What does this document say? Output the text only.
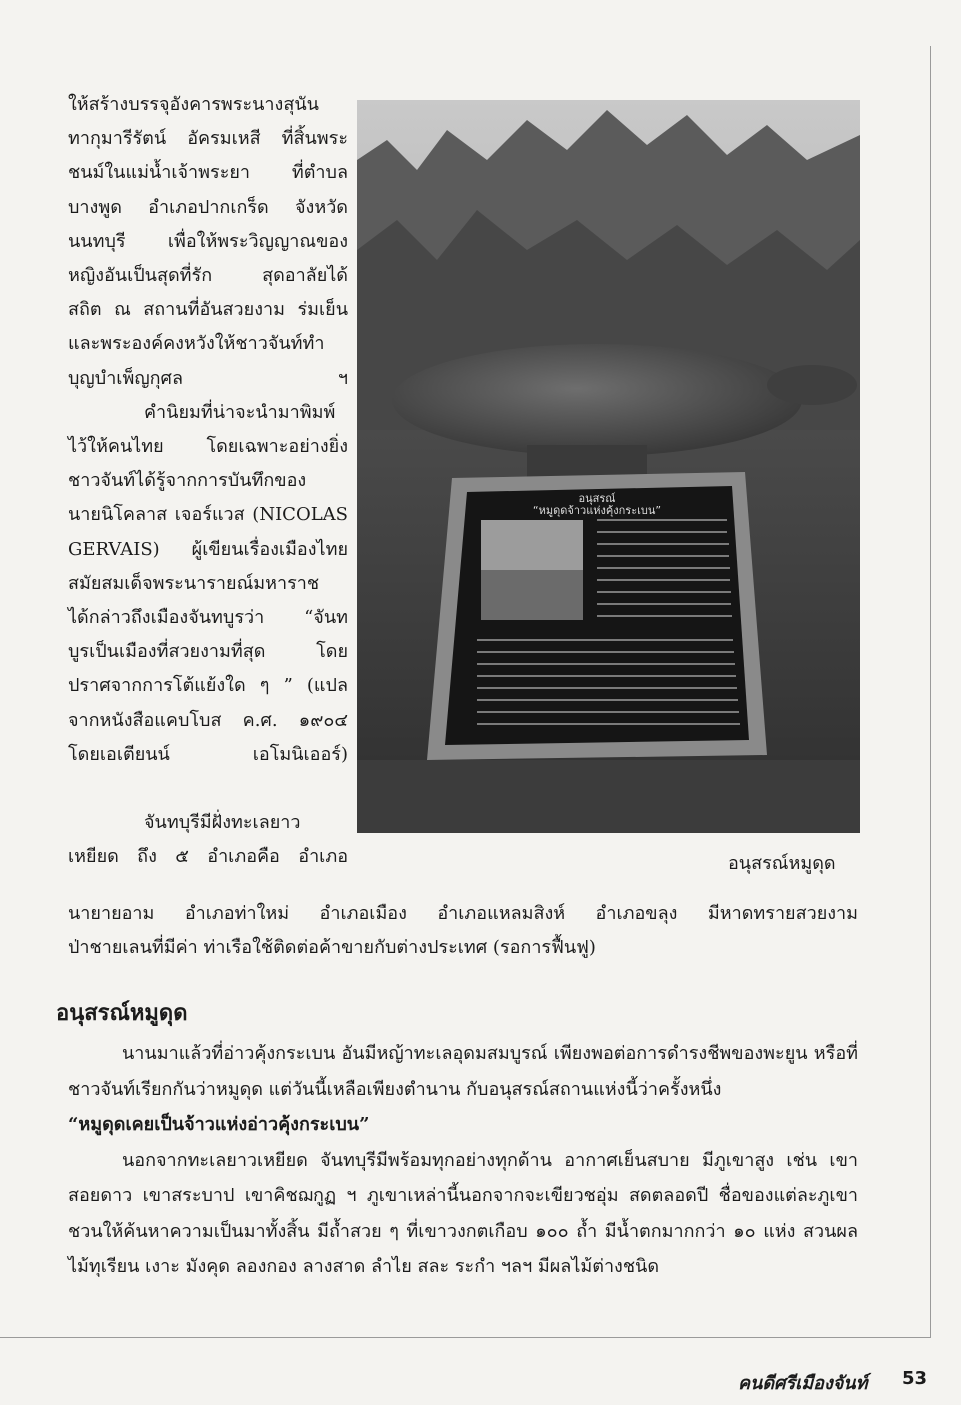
ให้สร้างบรรจุอังคารพระนางสุนัน
ทากุมารีรัตน์ อัครมเหสี ที่สิ้นพระ
ชนม์ในแม่น้ำเจ้าพระยา ที่ตำบล
บางพูด อำเภอปากเกร็ด จังหวัด
นนทบุรี เพื่อให้พระวิญญาณของ
หญิงอันเป็นสุดที่รัก สุดอาลัยได้
สถิต ณ สถานที่อันสวยงาม ร่มเย็น
และพระองค์คงหวังให้ชาวจันท์ทำ
บุญบำเพ็ญกุศล ฯ

คำนิยมที่น่าจะนำมาพิมพ์
ไว้ให้คนไทย โดยเฉพาะอย่างยิ่ง
ชาวจันท์ได้รู้จากการบันทึกของ
นายนิโคลาส เจอร์แวส (NICOLAS
GERVAIS) ผู้เขียนเรื่องเมืองไทย
สมัยสมเด็จพระนารายณ์มหาราช
ได้กล่าวถึงเมืองจันทบูรว่า “จันท
บูรเป็นเมืองที่สวยงามที่สุด โดย
ปราศจากการโต้แย้งใด ๆ ” (แปล
จากหนังสือแคบโบส ค.ศ. ๑๙๐๔
โดยเอเตียนน์ เอโมนิเออร์)

จันทบุรีมีฝั่งทะเลยาว
เหยียด ถึง ๕ อำเภอคือ อำเภอ

อนุสรณ์
“หมูดุดจ้าวแห่งคุ้งกระเบน”
อนุสรณ์หมูดุด

นายายอาม อำเภอท่าใหม่ อำเภอเมือง อำเภอแหลมสิงห์ อำเภอขลุง มีหาดทรายสวยงาม

ป่าชายเลนที่มีค่า ท่าเรือใช้ติดต่อค้าขายกับต่างประเทศ (รอการฟื้นฟู)

อนุสรณ์หมูดุด

นานมาแล้วที่อ่าวคุ้งกระเบน อันมีหญ้าทะเลอุดมสมบูรณ์ เพียงพอต่อการดำรงชีพของพะยูน หรือที่ชาวจันท์เรียกกันว่าหมูดุด แต่วันนี้เหลือเพียงตำนาน กับอนุสรณ์สถานแห่งนี้ว่าครั้งหนึ่ง

“หมูดุดเคยเป็นจ้าวแห่งอ่าวคุ้งกระเบน”

นอกจากทะเลยาวเหยียด จันทบุรีมีพร้อมทุกอย่างทุกด้าน อากาศเย็นสบาย มีภูเขาสูง เช่น เขาสอยดาว เขาสระบาป เขาคิชฌกูฏ ฯ ภูเขาเหล่านี้นอกจากจะเขียวชอุ่ม สดตลอดปี ชื่อของแต่ละภูเขาชวนให้ค้นหาความเป็นมาทั้งสิ้น มีถ้ำสวย ๆ ที่เขาวงกตเกือบ ๑๐๐ ถ้ำ มีน้ำตกมากกว่า ๑๐ แห่ง สวนผลไม้ทุเรียน เงาะ มังคุด ลองกอง ลางสาด ลำไย สละ ระกำ ฯลฯ มีผลไม้ต่างชนิด

คนดีศรีเมืองจันท์ 53
